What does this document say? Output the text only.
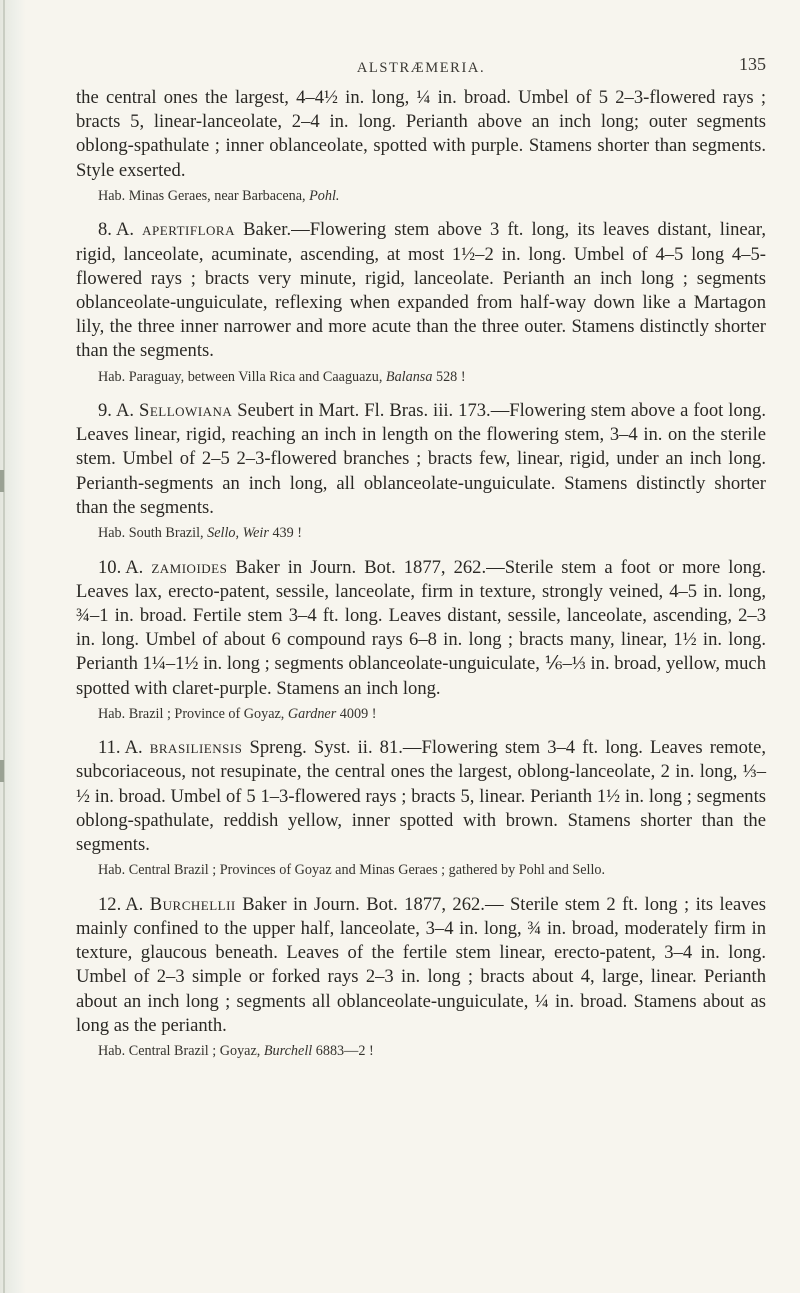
ALSTRÆMERIA.	135

the central ones the largest, 4–4½ in. long, ¼ in. broad. Umbel of 5 2–3-flowered rays ; bracts 5, linear-lanceolate, 2–4 in. long. Perianth above an inch long; outer segments oblong-spathulate ; inner oblanceolate, spotted with purple. Stamens shorter than segments. Style exserted.

Hab. Minas Geraes, near Barbacena, Pohl.

8. A. apertiflora Baker.—Flowering stem above 3 ft. long, its leaves distant, linear, rigid, lanceolate, acuminate, ascending, at most 1½–2 in. long. Umbel of 4–5 long 4–5-flowered rays ; bracts very minute, rigid, lanceolate. Perianth an inch long ; segments oblanceolate-unguiculate, reflexing when expanded from half-way down like a Martagon lily, the three inner narrower and more acute than the three outer. Stamens distinctly shorter than the segments.

Hab. Paraguay, between Villa Rica and Caaguazu, Balansa 528 !

9. A. Sellowiana Seubert in Mart. Fl. Bras. iii. 173.—Flowering stem above a foot long. Leaves linear, rigid, reaching an inch in length on the flowering stem, 3–4 in. on the sterile stem. Umbel of 2–5 2–3-flowered branches ; bracts few, linear, rigid, under an inch long. Perianth-segments an inch long, all oblanceolate-unguiculate. Stamens distinctly shorter than the segments.

Hab. South Brazil, Sello, Weir 439 !

10. A. zamioides Baker in Journ. Bot. 1877, 262.—Sterile stem a foot or more long. Leaves lax, erecto-patent, sessile, lanceolate, firm in texture, strongly veined, 4–5 in. long, ¾–1 in. broad. Fertile stem 3–4 ft. long. Leaves distant, sessile, lanceolate, ascending, 2–3 in. long. Umbel of about 6 compound rays 6–8 in. long ; bracts many, linear, 1½ in. long. Perianth 1¼–1½ in. long ; segments oblanceolate-unguiculate, ⅙–⅓ in. broad, yellow, much spotted with claret-purple. Stamens an inch long.

Hab. Brazil ; Province of Goyaz, Gardner 4009 !

11. A. brasiliensis Spreng. Syst. ii. 81.—Flowering stem 3–4 ft. long. Leaves remote, subcoriaceous, not resupinate, the central ones the largest, oblong-lanceolate, 2 in. long, ⅓–½ in. broad. Umbel of 5 1–3-flowered rays ; bracts 5, linear. Perianth 1½ in. long ; segments oblong-spathulate, reddish yellow, inner spotted with brown. Stamens shorter than the segments.

Hab. Central Brazil ; Provinces of Goyaz and Minas Geraes ; gathered by Pohl and Sello.

12. A. Burchellii Baker in Journ. Bot. 1877, 262.— Sterile stem 2 ft. long ; its leaves mainly confined to the upper half, lanceolate, 3–4 in. long, ¾ in. broad, moderately firm in texture, glaucous beneath. Leaves of the fertile stem linear, erecto-patent, 3–4 in. long. Umbel of 2–3 simple or forked rays 2–3 in. long ; bracts about 4, large, linear. Perianth about an inch long ; segments all oblanceolate-unguiculate, ¼ in. broad. Stamens about as long as the perianth.

Hab. Central Brazil ; Goyaz, Burchell 6883—2 !
